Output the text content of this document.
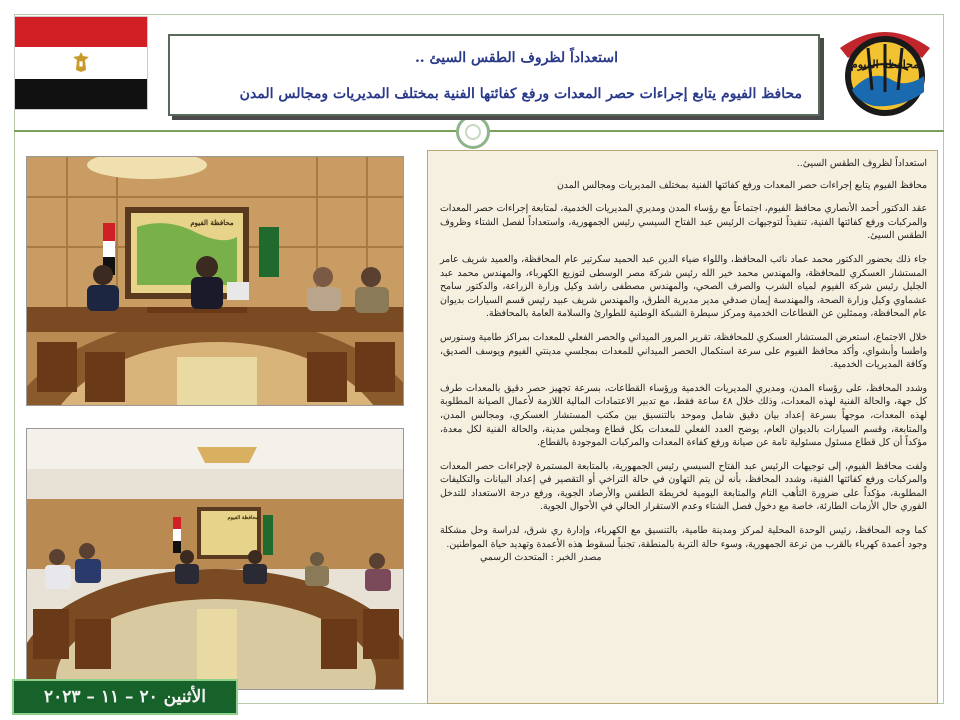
محافظة الفيوم
استعداداً لظروف الطقس السيئ ..
محافظ الفيوم يتابع إجراءات حصر المعدات ورفع كفائتها الفنية بمختلف المديريات ومجالس المدن
محافظة الفيوم
محافظة الفيوم

استعداداً لظروف الطقس السيئ..

محافظ الفيوم يتابع إجراءات حصر المعدات ورفع كفائتها الفنية بمختلف المديريات ومجالس المدن

عقد الدكتور أحمد الأنصاري محافظ الفيوم، اجتماعاً مع رؤساء المدن ومديري المديريات الخدمية، لمتابعة إجراءات حصر المعدات والمركبات ورفع كفائتها الفنية، تنفيذاً لتوجيهات الرئيس عبد الفتاح السيسي رئيس الجمهورية، واستعداداً لفصل الشتاء وظروف الطقس السيئ.

جاء ذلك بحضور الدكتور محمد عماد نائب المحافظ، واللواء ضياء الدين عبد الحميد سكرتير عام المحافظة، والعميد شريف عامر المستشار العسكري للمحافظة، والمهندس محمد خير الله رئيس شركة مصر الوسطى لتوزيع الكهرباء، والمهندس محمد عبد الجليل رئيس شركة الفيوم لمياه الشرب والصرف الصحي، والمهندس مصطفى راشد وكيل وزارة الزراعة، والدكتور سامح عشماوي وكيل وزارة الصحة، والمهندسة إيمان صدقي مدير مديرية الطرق، والمهندس شريف عبيد رئيس قسم السيارات بديوان عام المحافظة، وممثلين عن القطاعات الخدمية ومركز سيطرة الشبكة الوطنية للطوارئ والسلامة العامة بالمحافظة.

خلال الاجتماع، استعرض المستشار العسكري للمحافظة، تقرير المرور الميداني والحصر الفعلي للمعدات بمراكز طامية وسنورس واطسا وأبشواي، وأكد محافظ الفيوم على سرعة استكمال الحصر الميداني للمعدات بمجلسي مدينتي الفيوم ويوسف الصديق، وكافة المديريات الخدمية.

وشدد المحافظ، على رؤساء المدن، ومديري المديريات الخدمية ورؤساء القطاعات، بسرعة تجهيز حصر دقيق بالمعدات طرف كل جهة، والحالة الفنية لهذه المعدات، وذلك خلال ٤٨ ساعة فقط، مع تدبير الاعتمادات المالية اللازمة لأعمال الصيانة المطلوبة لهذه المعدات، موجهاً بسرعة إعداد بيان دقيق شامل وموحد بالتنسيق بين مكتب المستشار العسكري، ومجالس المدن، والمتابعة، وقسم السيارات بالديوان العام، يوضح العدد الفعلي للمعدات بكل قطاع ومجلس مدينة، والحالة الفنية لكل معدة، مؤكداً أن كل قطاع مسئول مسئولية تامة عن صيانة ورفع كفاءة المعدات والمركبات الموجودة بالقطاع.

ولفت محافظ الفيوم، إلى توجيهات الرئيس عبد الفتاح السيسي رئيس الجمهورية، بالمتابعة المستمرة لإجراءات حصر المعدات والمركبات ورفع كفائتها الفنية، وشدد المحافظ، بأنه لن يتم التهاون في حالة التراخي أو التقصير في إعداد البيانات والتكليفات المطلوبة، مؤكداً على ضرورة التأهب التام والمتابعة اليومية لخريطة الطقس والأرصاد الجوية، ورفع درجة الاستعداد للتدخل الفوري حال الأزمات الطارئة، خاصة مع دخول فصل الشتاء وعدم الاستقرار الحالي في الأحوال الجوية.

كما وجه المحافظ، رئيس الوحدة المحلية لمركز ومدينة طامية، بالتنسيق مع الكهرباء، وإدارة ري شرق، لدراسة وحل مشكلة وجود أعمدة كهرباء بالقرب من ترعة الجمهورية، وسوء حالة التربة بالمنطقة، تجنباً لسقوط هذه الأعمدة وتهديد حياة المواطنين.

مصدر الخبر : المتحدث الرسمي
الأثنين ٢٠ – ١١ – ٢٠٢٣
